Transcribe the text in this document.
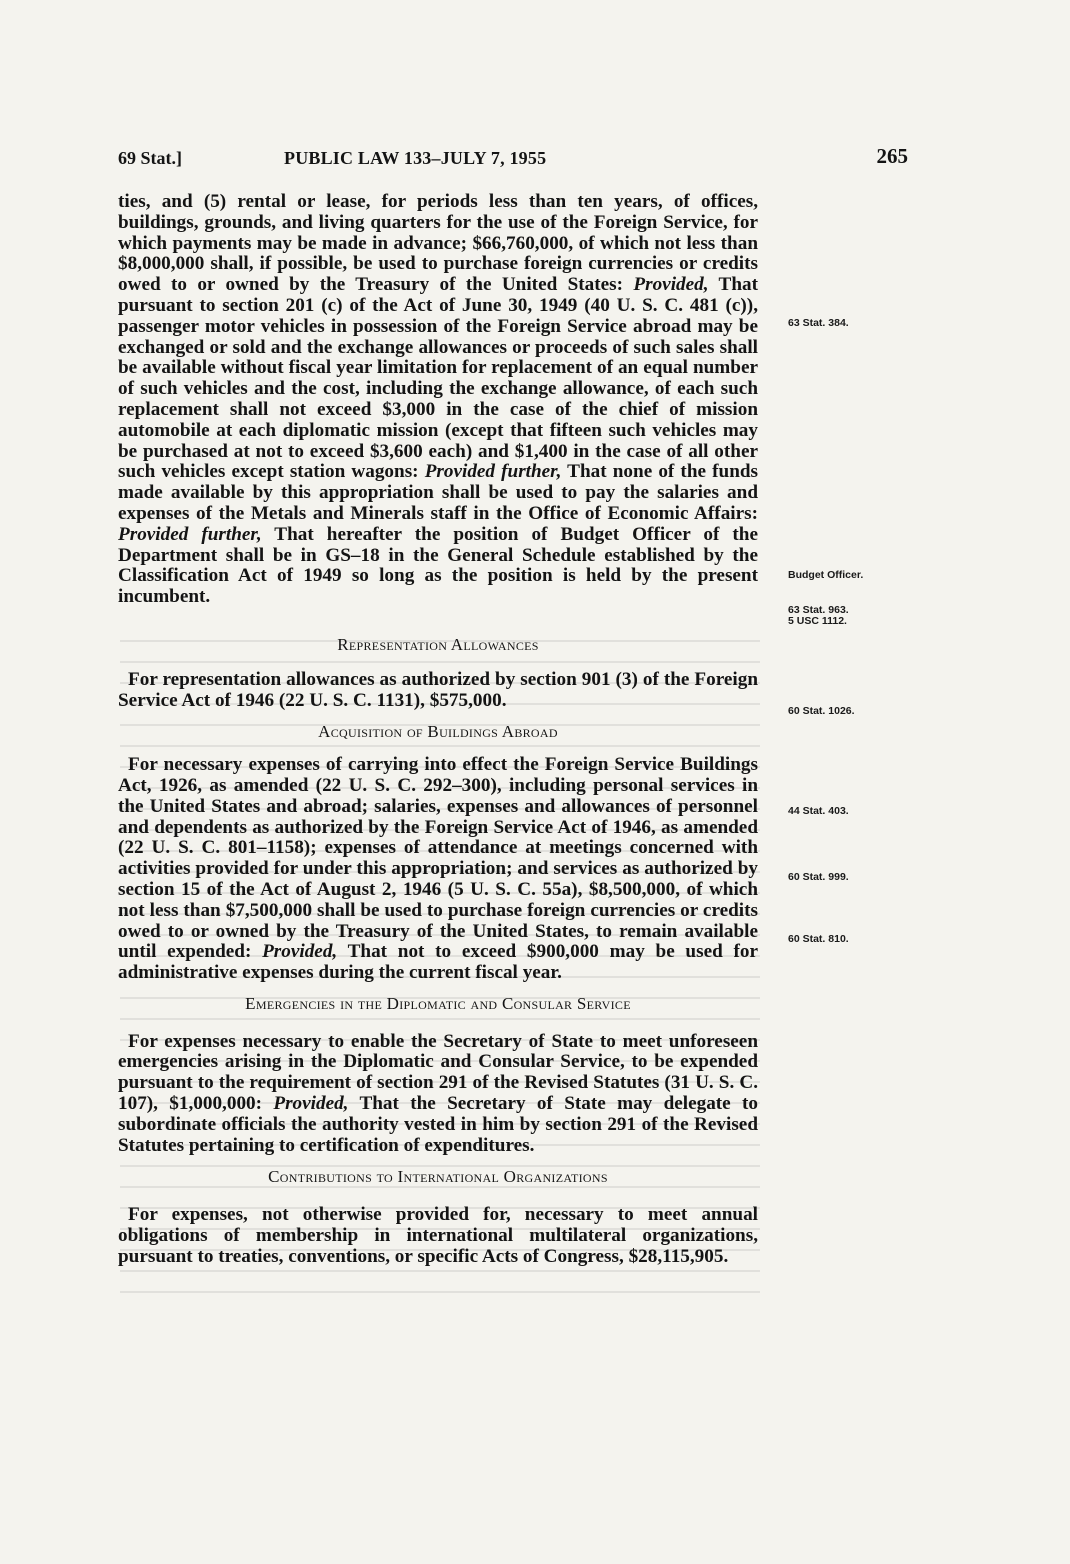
69 Stat.]	PUBLIC LAW 133–JULY 7, 1955	265

ties, and (5) rental or lease, for periods less than ten years, of offices, buildings, grounds, and living quarters for the use of the Foreign Service, for which payments may be made in advance; $66,760,000, of which not less than $8,000,000 shall, if possible, be used to purchase foreign currencies or credits owed to or owned by the Treasury of the United States: Provided, That pursuant to section 201 (c) of the Act of June 30, 1949 (40 U. S. C. 481 (c)), passenger motor vehicles in possession of the Foreign Service abroad may be exchanged or sold and the exchange allowances or proceeds of such sales shall be available without fiscal year limitation for replacement of an equal number of such vehicles and the cost, including the exchange allowance, of each such replacement shall not exceed $3,000 in the case of the chief of mission automobile at each diplomatic mission (except that fifteen such vehicles may be purchased at not to exceed $3,600 each) and $1,400 in the case of all other such vehicles except station wagons: Provided further, That none of the funds made available by this appropriation shall be used to pay the salaries and expenses of the Metals and Minerals staff in the Office of Economic Affairs: Provided further, That hereafter the position of Budget Officer of the Department shall be in GS–18 in the General Schedule established by the Classification Act of 1949 so long as the position is held by the present incumbent.

Representation Allowances

For representation allowances as authorized by section 901 (3) of the Foreign Service Act of 1946 (22 U. S. C. 1131), $575,000.

Acquisition of Buildings Abroad

For necessary expenses of carrying into effect the Foreign Service Buildings Act, 1926, as amended (22 U. S. C. 292–300), including personal services in the United States and abroad; salaries, expenses and allowances of personnel and dependents as authorized by the Foreign Service Act of 1946, as amended (22 U. S. C. 801–1158); expenses of attendance at meetings concerned with activities provided for under this appropriation; and services as authorized by section 15 of the Act of August 2, 1946 (5 U. S. C. 55a), $8,500,000, of which not less than $7,500,000 shall be used to purchase foreign currencies or credits owed to or owned by the Treasury of the United States, to remain available until expended: Provided, That not to exceed $900,000 may be used for administrative expenses during the current fiscal year.

Emergencies in the Diplomatic and Consular Service

For expenses necessary to enable the Secretary of State to meet unforeseen emergencies arising in the Diplomatic and Consular Service, to be expended pursuant to the requirement of section 291 of the Revised Statutes (31 U. S. C. 107), $1,000,000: Provided, That the Secretary of State may delegate to subordinate officials the authority vested in him by section 291 of the Revised Statutes pertaining to certification of expenditures.

Contributions to International Organizations

For expenses, not otherwise provided for, necessary to meet annual obligations of membership in international multilateral organizations, pursuant to treaties, conventions, or specific Acts of Congress, $28,115,905.

63 Stat. 384.
Budget Officer.
63 Stat. 963.
5 USC 1112.
60 Stat. 1026.
44 Stat. 403.
60 Stat. 999.
60 Stat. 810.
